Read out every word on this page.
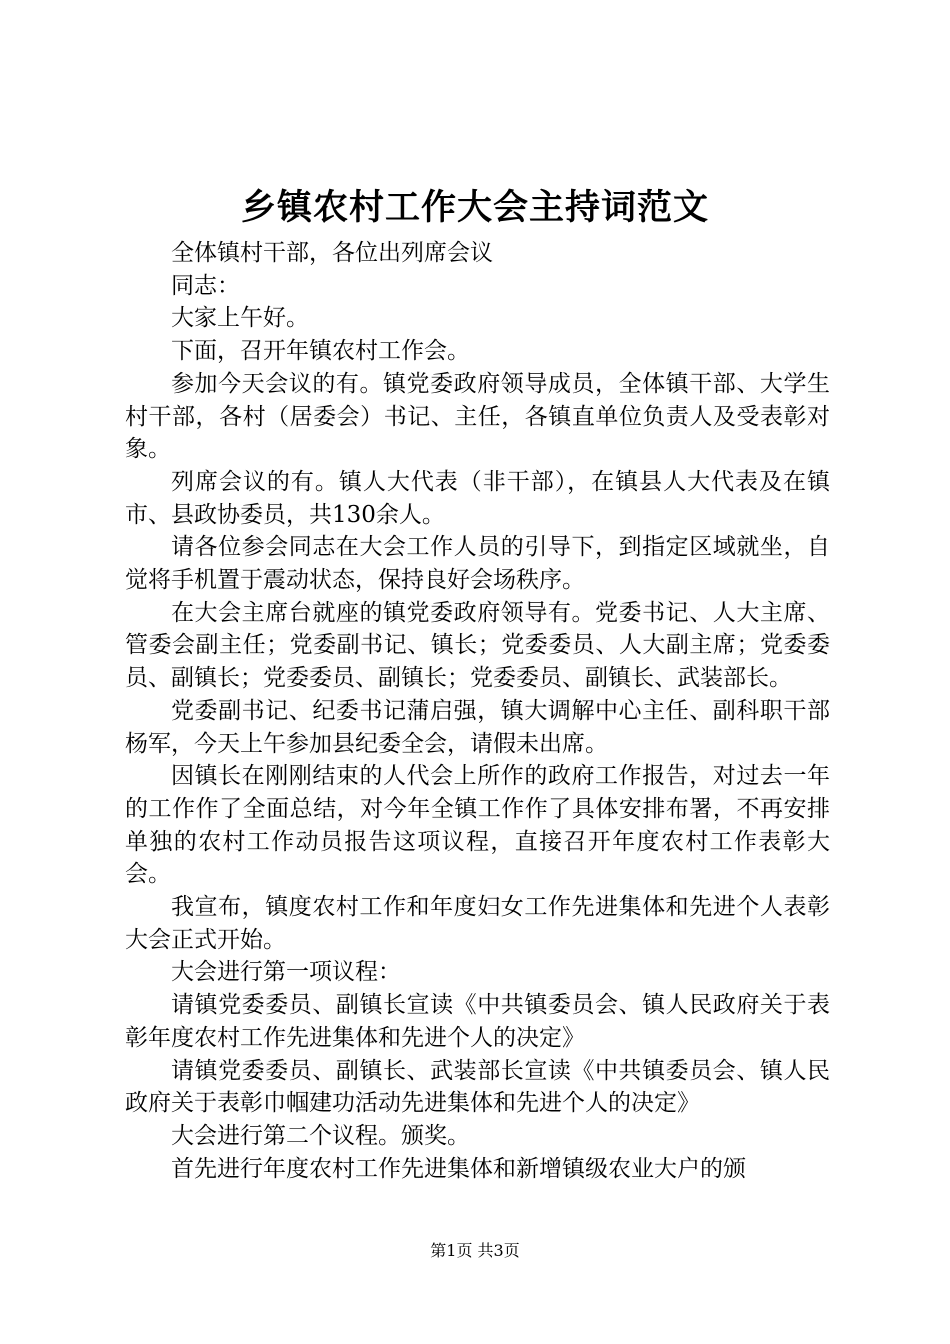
乡镇农村工作大会主持词范文

全体镇村干部，各位出列席会议

同志：

大家上午好。

下面，召开年镇农村工作会。

参加今天会议的有。镇党委政府领导成员，全体镇干部、大学生村干部，各村（居委会）书记、主任，各镇直单位负责人及受表彰对象。

列席会议的有。镇人大代表（非干部），在镇县人大代表及在镇市、县政协委员，共130余人。

请各位参会同志在大会工作人员的引导下，到指定区域就坐，自觉将手机置于震动状态，保持良好会场秩序。

在大会主席台就座的镇党委政府领导有。党委书记、人大主席、管委会副主任；党委副书记、镇长；党委委员、人大副主席；党委委员、副镇长；党委委员、副镇长；党委委员、副镇长、武装部长。

党委副书记、纪委书记蒲启强，镇大调解中心主任、副科职干部杨军，今天上午参加县纪委全会，请假未出席。

因镇长在刚刚结束的人代会上所作的政府工作报告，对过去一年的工作作了全面总结，对今年全镇工作作了具体安排布署，不再安排单独的农村工作动员报告这项议程，直接召开年度农村工作表彰大会。

我宣布，镇度农村工作和年度妇女工作先进集体和先进个人表彰大会正式开始。

大会进行第一项议程：

请镇党委委员、副镇长宣读《中共镇委员会、镇人民政府关于表彰年度农村工作先进集体和先进个人的决定》

请镇党委委员、副镇长、武装部长宣读《中共镇委员会、镇人民政府关于表彰巾帼建功活动先进集体和先进个人的决定》

大会进行第二个议程。颁奖。

首先进行年度农村工作先进集体和新增镇级农业大户的颁

第1页 共3页
